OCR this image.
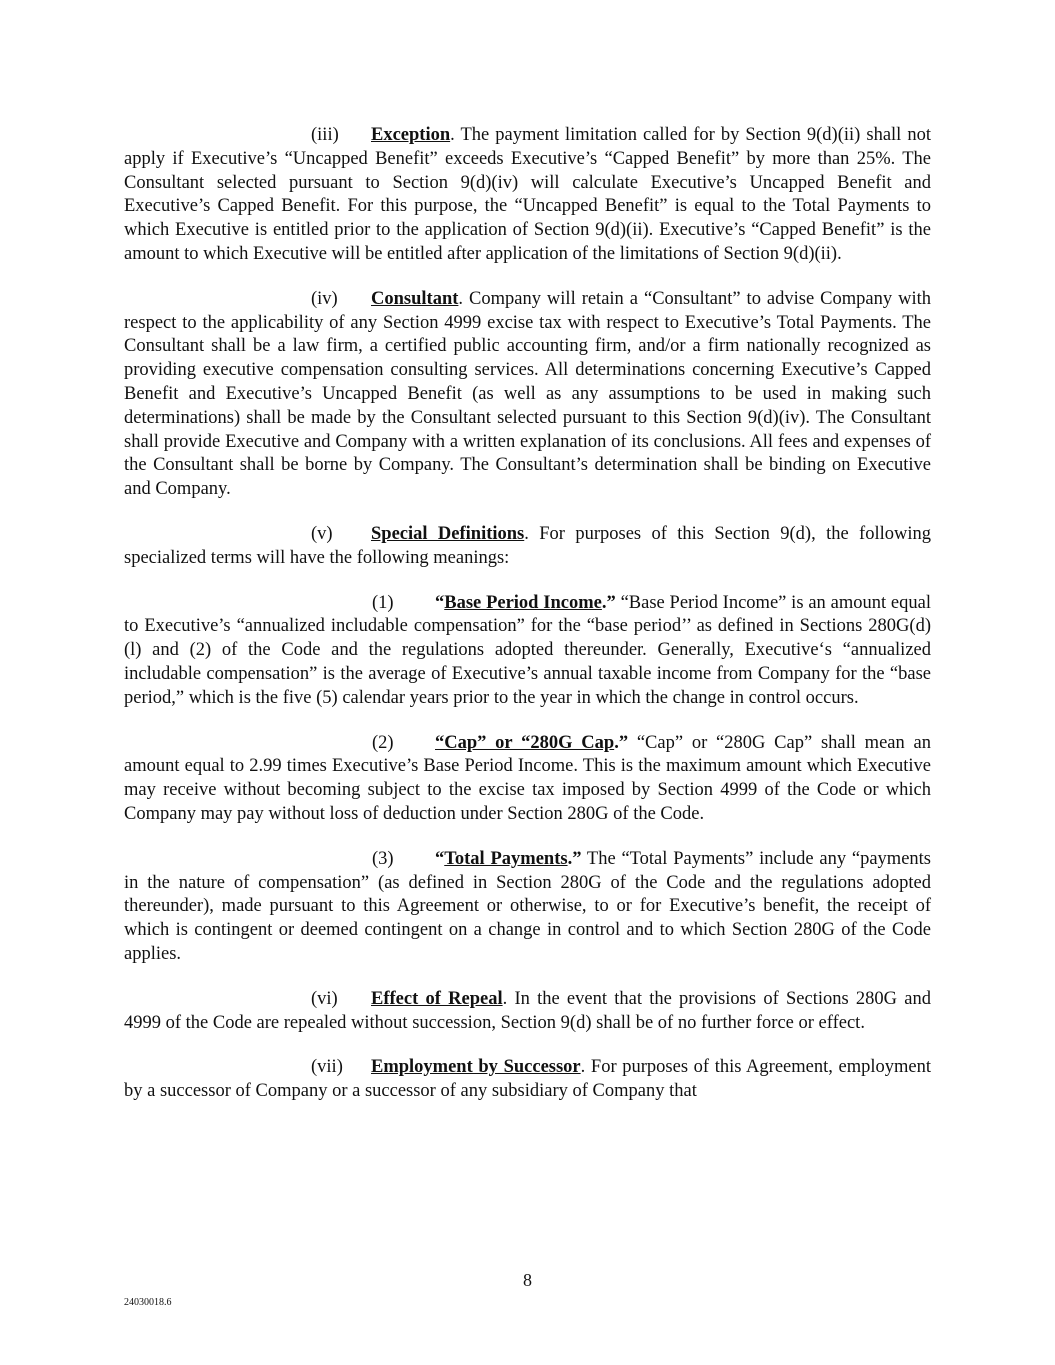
(iii) Exception. The payment limitation called for by Section 9(d)(ii) shall not apply if Executive’s “Uncapped Benefit” exceeds Executive’s “Capped Benefit” by more than 25%. The Consultant selected pursuant to Section 9(d)(iv) will calculate Executive’s Uncapped Benefit and Executive’s Capped Benefit. For this purpose, the “Uncapped Benefit” is equal to the Total Payments to which Executive is entitled prior to the application of Section 9(d)(ii). Executive’s “Capped Benefit” is the amount to which Executive will be entitled after application of the limitations of Section 9(d)(ii).

(iv) Consultant. Company will retain a “Consultant” to advise Company with respect to the applicability of any Section 4999 excise tax with respect to Executive’s Total Payments. The Consultant shall be a law firm, a certified public accounting firm, and/or a firm nationally recognized as providing executive compensation consulting services. All determinations concerning Executive’s Capped Benefit and Executive’s Uncapped Benefit (as well as any assumptions to be used in making such determinations) shall be made by the Consultant selected pursuant to this Section 9(d)(iv). The Consultant shall provide Executive and Company with a written explanation of its conclusions. All fees and expenses of the Consultant shall be borne by Company. The Consultant’s determination shall be binding on Executive and Company.

(v) Special Definitions. For purposes of this Section 9(d), the following specialized terms will have the following meanings:

(1) “Base Period Income.” “Base Period Income” is an amount equal to Executive’s “annualized includable compensation” for the “base period’’ as defined in Sections 280G(d)(l) and (2) of the Code and the regulations adopted thereunder. Generally, Executive‘s “annualized includable compensation” is the average of Executive’s annual taxable income from Company for the “base period,” which is the five (5) calendar years prior to the year in which the change in control occurs.

(2) “Cap” or “280G Cap.” “Cap” or “280G Cap” shall mean an amount equal to 2.99 times Executive’s Base Period Income. This is the maximum amount which Executive may receive without becoming subject to the excise tax imposed by Section 4999 of the Code or which Company may pay without loss of deduction under Section 280G of the Code.

(3) “Total Payments.” The “Total Payments” include any “payments in the nature of compensation” (as defined in Section 280G of the Code and the regulations adopted thereunder), made pursuant to this Agreement or otherwise, to or for Executive’s benefit, the receipt of which is contingent or deemed contingent on a change in control and to which Section 280G of the Code applies.

(vi) Effect of Repeal. In the event that the provisions of Sections 280G and 4999 of the Code are repealed without succession, Section 9(d) shall be of no further force or effect.

(vii) Employment by Successor. For purposes of this Agreement, employment by a successor of Company or a successor of any subsidiary of Company that

8
24030018.6
